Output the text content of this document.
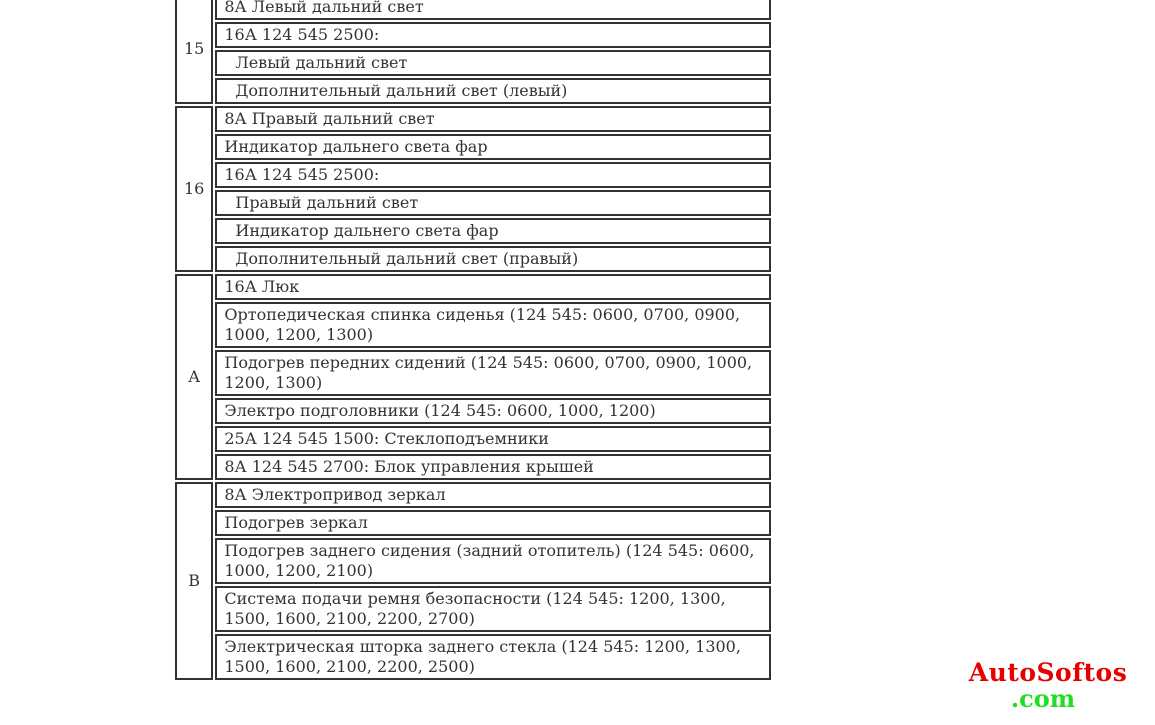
15	8А Левый дальний свет
	16А 124 545 2500:
	Левый дальний свет
	Дополнительный дальний свет (левый)
16	8А Правый дальний свет
	Индикатор дальнего света фар
	16А 124 545 2500:
	Правый дальний свет
	Индикатор дальнего света фар
	Дополнительный дальний свет (правый)
A	16А Люк
	Ортопедическая спинка сиденья (124 545: 0600, 0700, 0900, 1000, 1200, 1300)
	Подогрев передних сидений (124 545: 0600, 0700, 0900, 1000, 1200, 1300)
	Электро подголовники (124 545: 0600, 1000, 1200)
	25А 124 545 1500: Стеклоподъемники
	8А 124 545 2700: Блок управления крышей
B	8А Электропривод зеркал
	Подогрев зеркал
	Подогрев заднего сидения (задний отопитель) (124 545: 0600, 1000, 1200, 2100)
	Система подачи ремня безопасности (124 545: 1200, 1300, 1500, 1600, 2100, 2200, 2700)
	Электрическая шторка заднего стекла (124 545: 1200, 1300, 1500, 1600, 2100, 2200, 2500)	AutoSoftos
.com
